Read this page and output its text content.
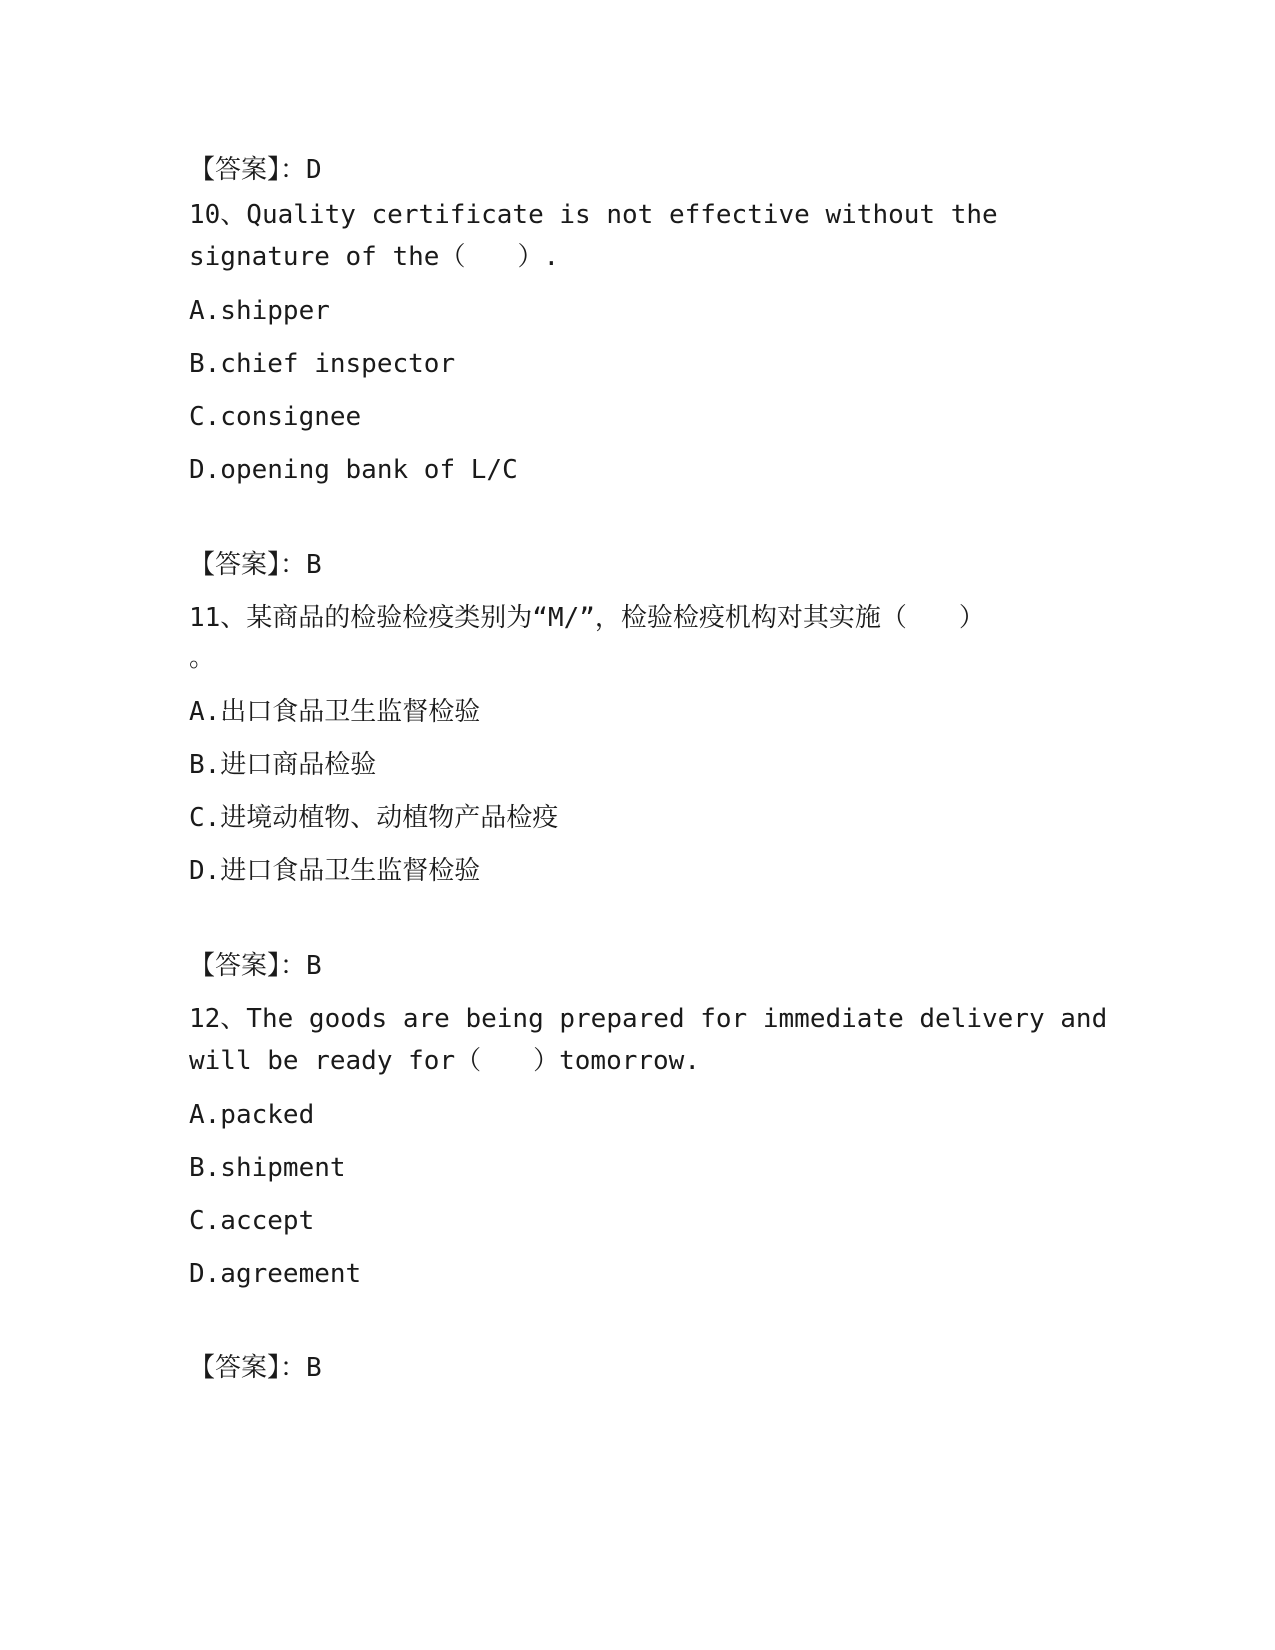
【答案】：D
10、Quality certificate is not effective without the
signature of the（　　）.
A.shipper
B.chief inspector
C.consignee
D.opening bank of L/C
【答案】：B
11、某商品的检验检疫类别为“M/”，检验检疫机构对其实施（　　）
。
A.出口食品卫生监督检验
B.进口商品检验
C.进境动植物、动植物产品检疫
D.进口食品卫生监督检验
【答案】：B
12、The goods are being prepared for immediate delivery and
will be ready for（　　）tomorrow.
A.packed
B.shipment
C.accept
D.agreement
【答案】：B
